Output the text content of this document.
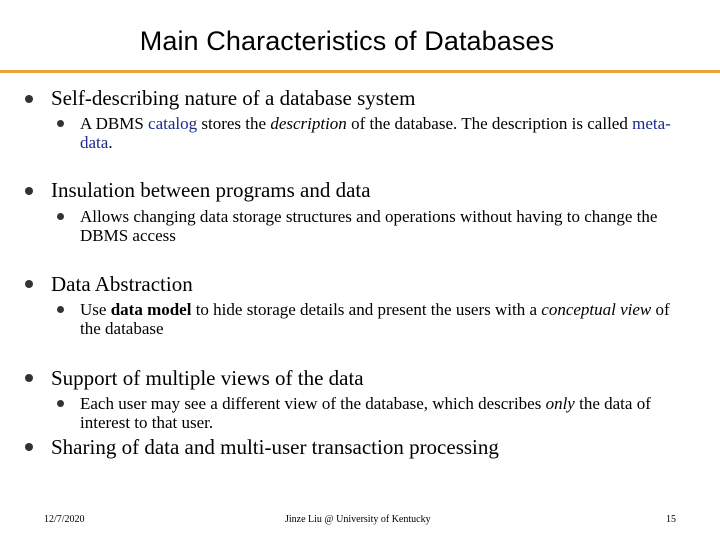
Main Characteristics of Databases
Self-describing nature of a database system
A DBMS catalog stores the description of the database. The description is called meta-data.
Insulation between programs and data
Allows changing data storage structures and operations without having to change the DBMS access
Data Abstraction
Use data model to hide storage details and present the users with a conceptual view of the database
Support of multiple views of the data
Each user may see a different view of the database, which describes only the data of interest to that user.
Sharing of data and multi-user transaction processing
12/7/2020	Jinze Liu @ University of Kentucky	15
